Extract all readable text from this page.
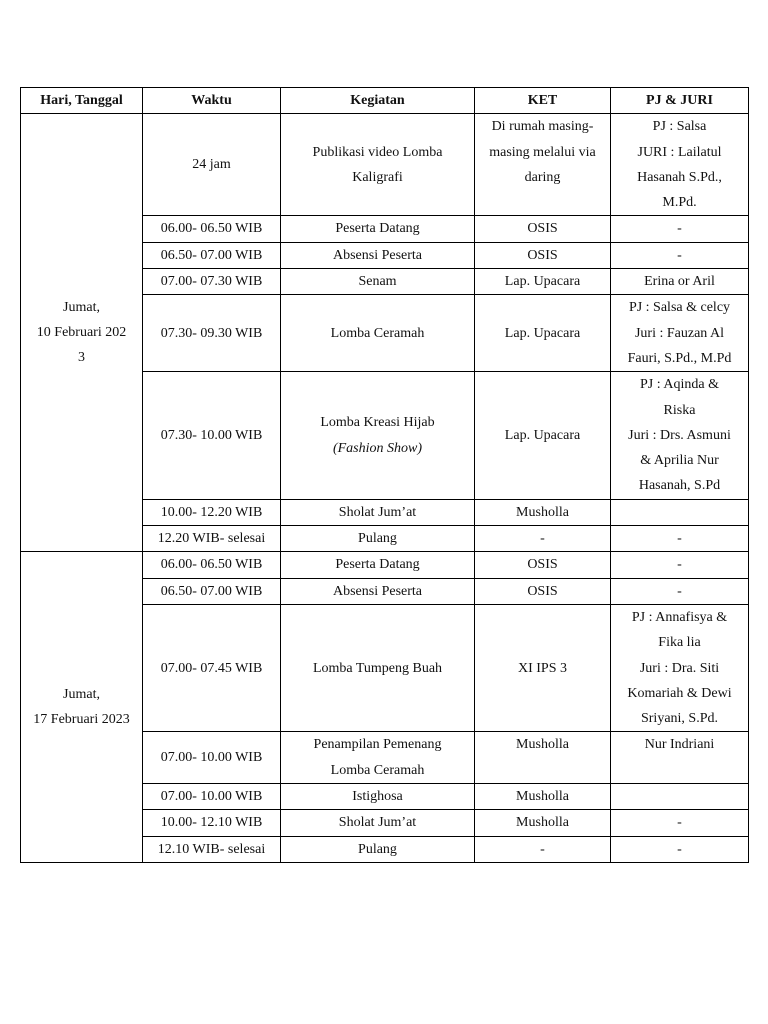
Hari, Tanggal	Waktu	Kegiatan	KET	PJ & JURI

Jumat,
10 Februari 202
3	24 jam	Publikasi video Lomba
Kaligrafi	Di rumah masing-
masing melalui via
daring	PJ : Salsa
JURI : Lailatul
Hasanah S.Pd.,
M.Pd.

	06.00- 06.50 WIB	Peserta Datang	OSIS	-

	06.50- 07.00 WIB	Absensi Peserta	OSIS	-

	07.00- 07.30 WIB	Senam	Lap. Upacara	Erina or Aril

	07.30- 09.30 WIB	Lomba Ceramah	Lap. Upacara	PJ : Salsa & celcy
Juri : Fauzan Al
Fauri, S.Pd., M.Pd

	07.30- 10.00 WIB	Lomba Kreasi Hijab
(Fashion Show)	Lap. Upacara	PJ : Aqinda &
Riska
Juri : Drs. Asmuni
& Aprilia Nur
Hasanah, S.Pd

	10.00- 12.20 WIB	Sholat Jum’at	Musholla	

	12.20 WIB- selesai	Pulang	-	-

Jumat,
17 Februari 2023	06.00- 06.50 WIB	Peserta Datang	OSIS	-

	06.50- 07.00 WIB	Absensi Peserta	OSIS	-

	07.00- 07.45 WIB	Lomba Tumpeng Buah	XI IPS 3	PJ : Annafisya &
Fika lia
Juri : Dra. Siti
Komariah & Dewi
Sriyani, S.Pd.

	07.00- 10.00 WIB	Penampilan Pemenang
Lomba Ceramah	Musholla	Nur Indriani

	07.00- 10.00 WIB	Istighosa	Musholla	

	10.00- 12.10 WIB	Sholat Jum’at	Musholla	-

	12.10 WIB- selesai	Pulang	-	-
